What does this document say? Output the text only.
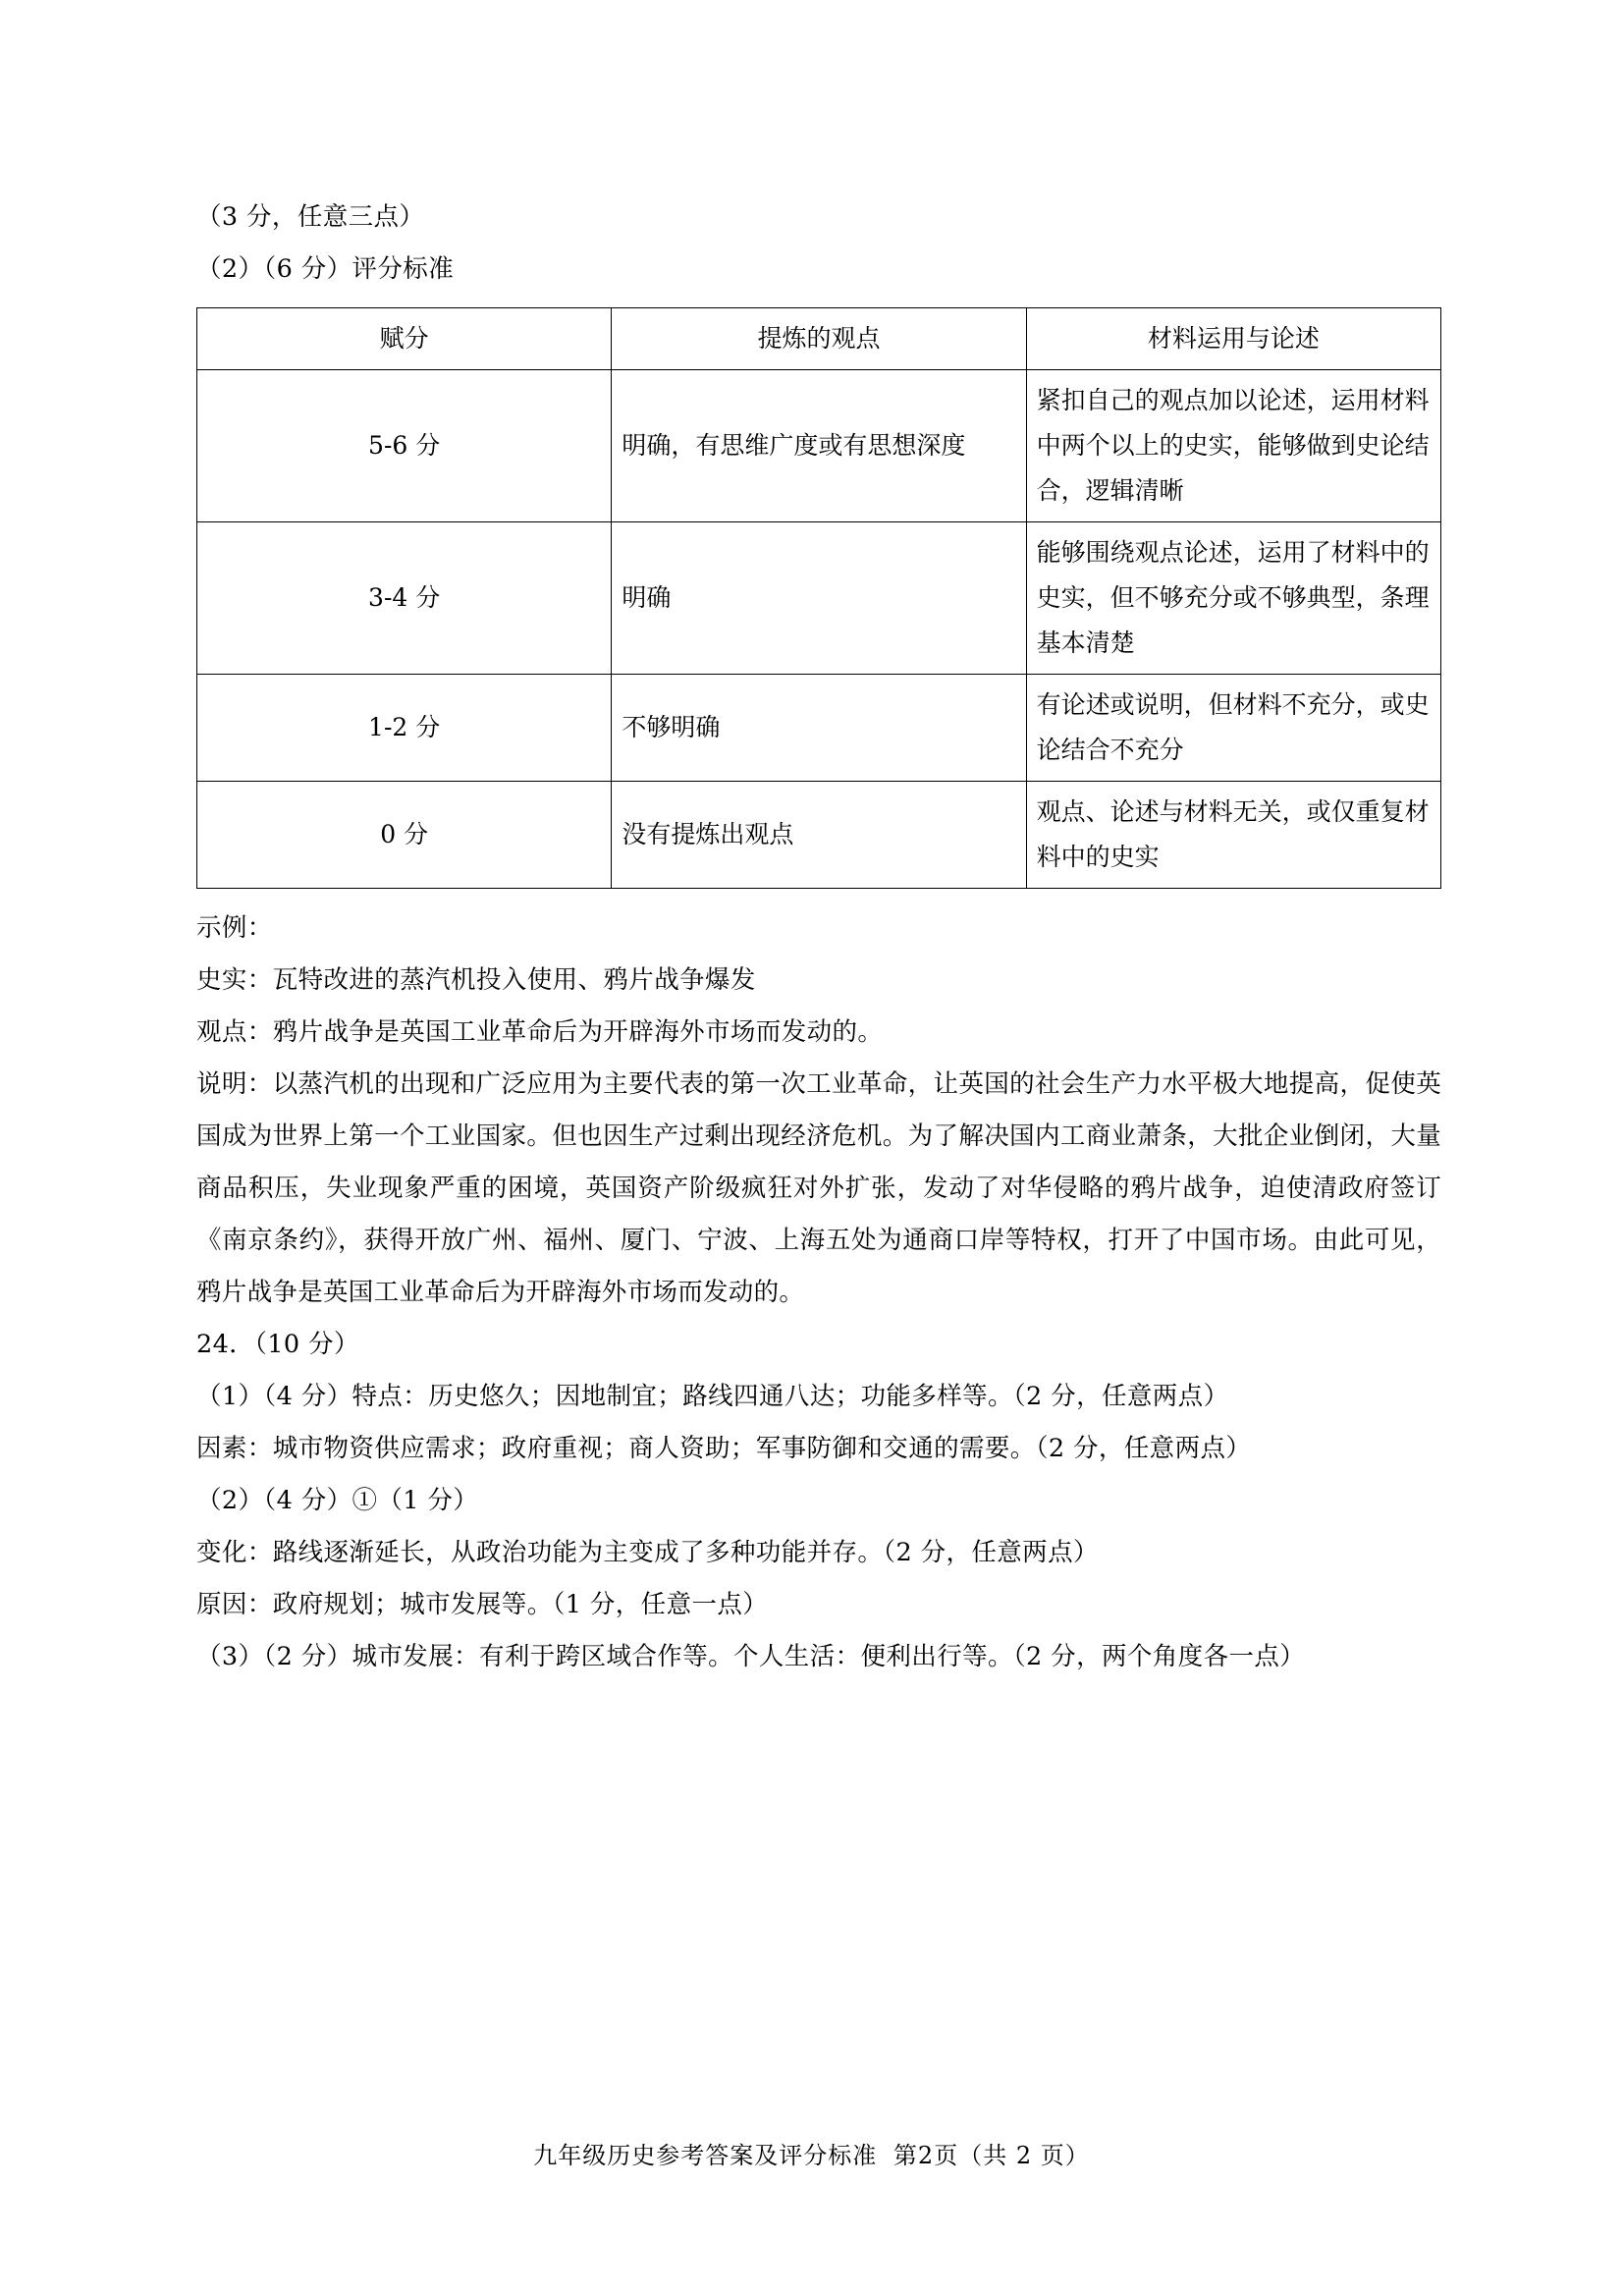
（3 分，任意三点）
（2）（6 分）评分标准
赋分	提炼的观点	材料运用与论述
5-6 分	明确，有思维广度或有思想深度	紧扣自己的观点加以论述，运用材料中两个以上的史实，能够做到史论结合，逻辑清晰
3-4 分	明确	能够围绕观点论述，运用了材料中的史实，但不够充分或不够典型，条理基本清楚
1-2 分	不够明确	有论述或说明，但材料不充分，或史论结合不充分
0 分	没有提炼出观点	观点、论述与材料无关，或仅重复材料中的史实
示例：
史实：瓦特改进的蒸汽机投入使用、鸦片战争爆发
观点：鸦片战争是英国工业革命后为开辟海外市场而发动的。
说明：以蒸汽机的出现和广泛应用为主要代表的第一次工业革命，让英国的社会生产力水平极大地提高，促使英国成为世界上第一个工业国家。但也因生产过剩出现经济危机。为了解决国内工商业萧条，大批企业倒闭，大量商品积压，失业现象严重的困境，英国资产阶级疯狂对外扩张，发动了对华侵略的鸦片战争，迫使清政府签订《南京条约》，获得开放广州、福州、厦门、宁波、上海五处为通商口岸等特权，打开了中国市场。由此可见，鸦片战争是英国工业革命后为开辟海外市场而发动的。
24．（10 分）
（1）（4 分）特点：历史悠久；因地制宜；路线四通八达；功能多样等。（2 分，任意两点）
因素：城市物资供应需求；政府重视；商人资助；军事防御和交通的需要。（2 分，任意两点）
（2）（4 分）①（1 分）
变化：路线逐渐延长，从政治功能为主变成了多种功能并存。（2 分，任意两点）
原因：政府规划；城市发展等。（1 分，任意一点）
（3）（2 分）城市发展：有利于跨区域合作等。个人生活：便利出行等。（2 分，两个角度各一点）
九年级历史参考答案及评分标准 第2页（共 2 页）
